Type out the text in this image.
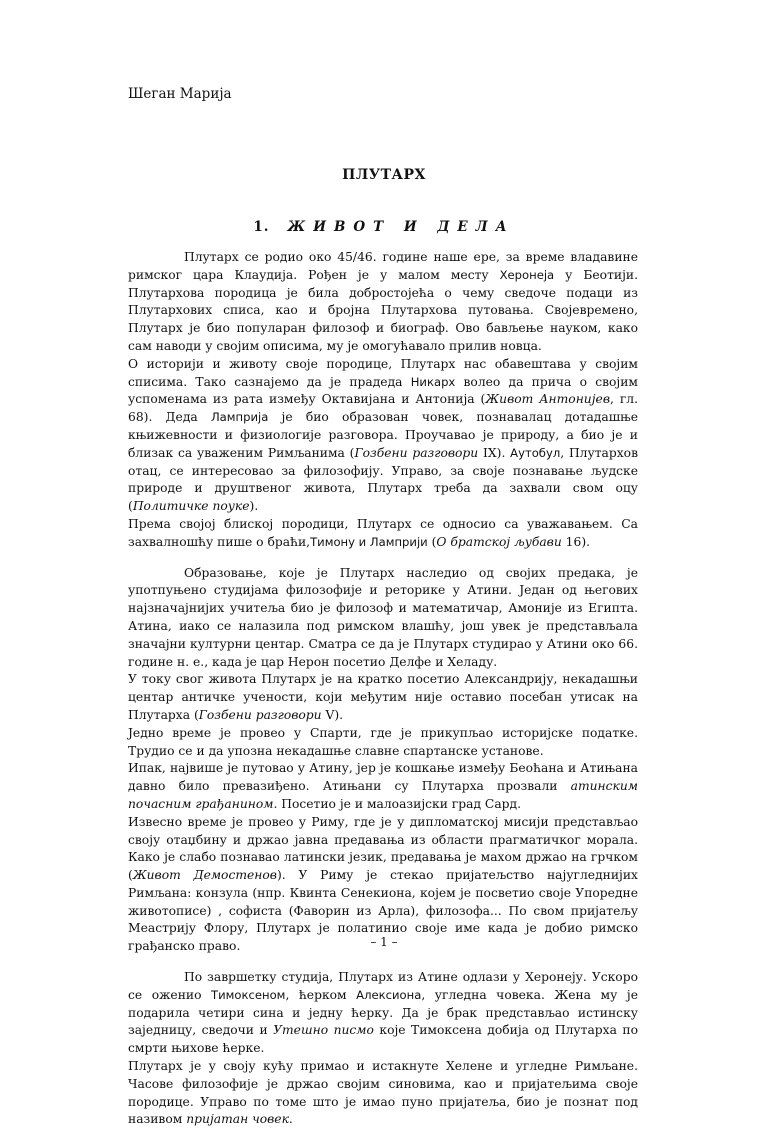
Шеган Марија
ПЛУТАРХ
1. ЖИВОТ И ДЕЛА

Плутарх се родио око 45/46. године наше ере, за време владавине римског цара Клаудија. Рођен је у малом месту Херонеја у Беотији. Плутархова породица је била добростојећа о чему сведоче подаци из Плутархових списа, као и бројна Плутархова путовања. Својевремено, Плутарх је био популаран филозоф и биограф. Ово бављење науком, како сам наводи у својим описима, му је омогућавало прилив новца.

О историји и животу своје породице, Плутарх нас обавештава у својим списима. Тако сазнајемо да је прадеда Никарх волео да прича о својим успоменама из рата између Октавијана и Антонија (Живот Антонијев, гл. 68). Деда Ламприја је био образован човек, познавалац дотадашње књижевности и физиологије разговора. Проучавао је природу, а био је и близак са уваженим Римљанима (Гозбени разговори IX). Аутобул, Плутархов отац, се интересовао за филозофију. Управо, за своје познавање људске природе и друштвеног живота, Плутарх треба да захвали свом оцу (Политичке поуке).

Према својој блиској породици, Плутарх се односио са уважавањем. Са захвалношћу пише о браћи,Тимону и Ламприји (О братској љубави 16).

Образовање, које је Плутарх наследио од својих предака, је употпуњено студијама филозофије и реторике у Атини. Један од његових најзначајнијих учитеља био је филозоф и математичар, Амоније из Египта. Атина, иако се налазила под римском влашћу, још увек је представљала значајни културни центар. Сматра се да је Плутарх студирао у Атини око 66. године н. е., када је цар Нерон посетио Делфе и Хеладу.

У току свог живота Плутарх је на кратко посетио Александрију, некадашњи центар античке учености, који међутим није оставио посебан утисак на Плутарха (Гозбени разговори V).

Једно време је провео у Спарти, где је прикупљао историјске податке. Трудио се и да упозна некадашње славне спартанске установе.

Ипак, највише је путовао у Атину, јер је кошкање између Беоћана и Атињана давно било превазиђено. Атињани су Плутарха прозвали атинским почасним грађанином. Посетио је и малоазијски град Сард.

Извесно време је провео у Риму, где је у дипломатској мисији представљао своју отаџбину и држао јавна предавања из области прагматичког морала. Како је слабо познавао латински језик, предавања је махом држао на грчком (Живот Демостенов). У Риму је стекао пријатељство најугледнијих Римљана: конзула (нпр. Квинта Сенекиона, којем је посветио своје Упоредне животописе) , софиста (Фаворин из Арла), филозофа... По свом пријатељу Меастрију Флору, Плутарх је полатинио своје име када је добио римско грађанско право.

По завршетку студија, Плутарх из Атине одлази у Херонеју. Ускоро се оженио Тимоксеном, ћерком Алексиона, угледна човека. Жена му је подарила четири сина и једну ћерку. Да је брак представљао истинску заједницу, сведочи и Утешно писмо које Тимоксена добија од Плутарха по смрти њихове ћерке.

Плутарх је у своју кућу примао и истакнуте Хелене и угледне Римљане. Часове филозофије је држао својим синовима, као и пријатељима своје породице. Управо по томе што је имао пуно пријатеља, био је познат под називом пријатан човек.

– 1 –
